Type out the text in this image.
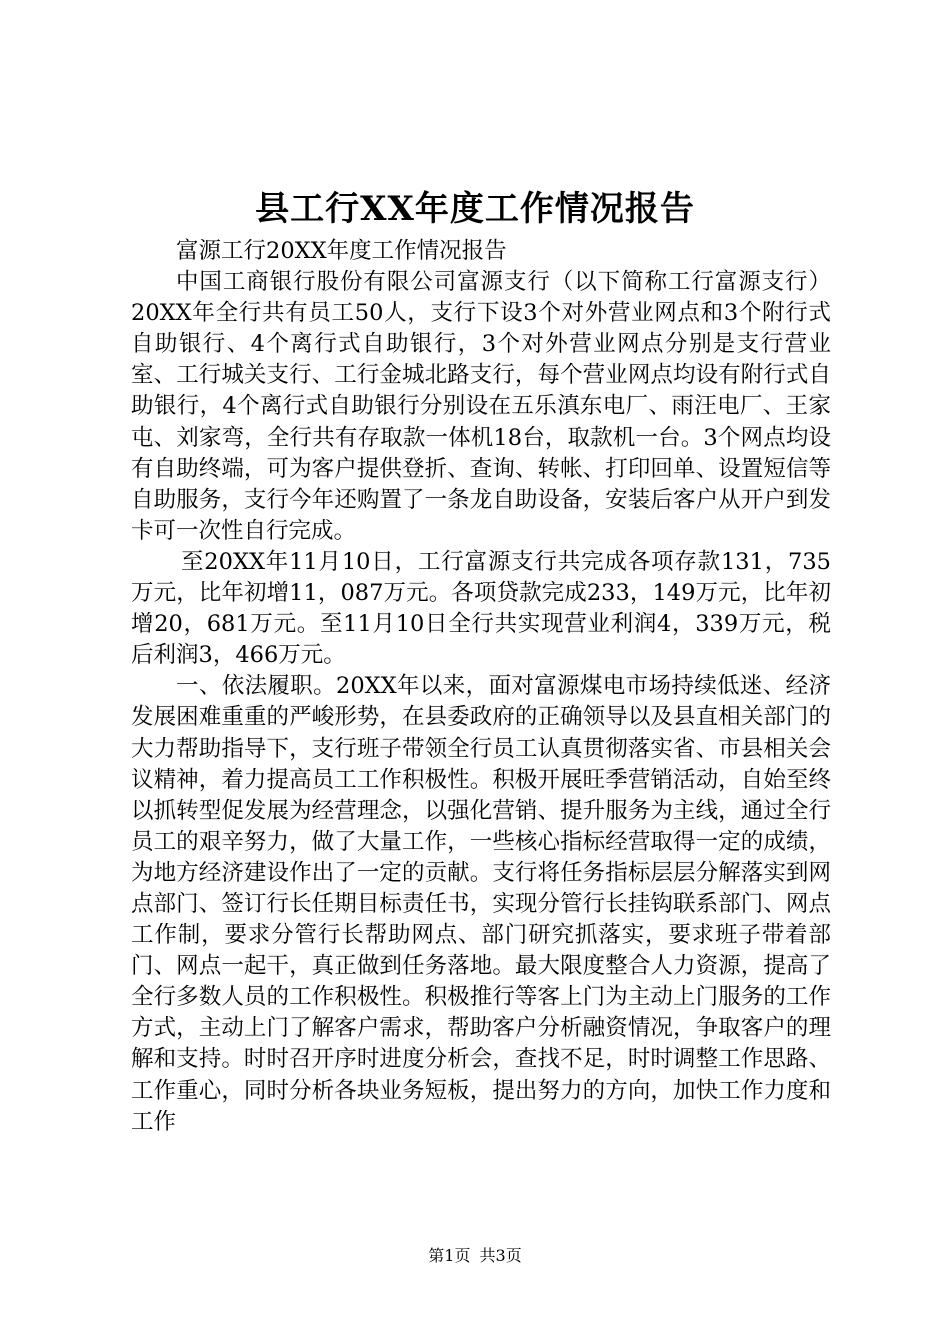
县工行XX年度工作情况报告

富源工行20XX年度工作情况报告

中国工商银行股份有限公司富源支行（以下简称工行富源支行）20XX年全行共有员工50人，支行下设3个对外营业网点和3个附行式自助银行、4个离行式自助银行，3个对外营业网点分别是支行营业室、工行城关支行、工行金城北路支行，每个营业网点均设有附行式自助银行，4个离行式自助银行分别设在五乐滇东电厂、雨汪电厂、王家屯、刘家弯，全行共有存取款一体机18台，取款机一台。3个网点均设有自助终端，可为客户提供登折、查询、转帐、打印回单、设置短信等自助服务，支行今年还购置了一条龙自助设备，安装后客户从开户到发卡可一次性自行完成。

至20XX年11月10日，工行富源支行共完成各项存款131，735万元，比年初增11，087万元。各项贷款完成233，149万元，比年初增20，681万元。至11月10日全行共实现营业利润4，339万元，税后利润3，466万元。

一、依法履职。20XX年以来，面对富源煤电市场持续低迷、经济发展困难重重的严峻形势，在县委政府的正确领导以及县直相关部门的大力帮助指导下，支行班子带领全行员工认真贯彻落实省、市县相关会议精神，着力提高员工工作积极性。积极开展旺季营销活动，自始至终以抓转型促发展为经营理念，以强化营销、提升服务为主线，通过全行员工的艰辛努力，做了大量工作，一些核心指标经营取得一定的成绩，为地方经济建设作出了一定的贡献。支行将任务指标层层分解落实到网点部门、签订行长任期目标责任书，实现分管行长挂钩联系部门、网点工作制，要求分管行长帮助网点、部门研究抓落实，要求班子带着部门、网点一起干，真正做到任务落地。最大限度整合人力资源，提高了全行多数人员的工作积极性。积极推行等客上门为主动上门服务的工作方式，主动上门了解客户需求，帮助客户分析融资情况，争取客户的理解和支持。时时召开序时进度分析会，查找不足，时时调整工作思路、工作重心，同时分析各块业务短板，提出努力的方向，加快工作力度和工作

第1页 共3页
